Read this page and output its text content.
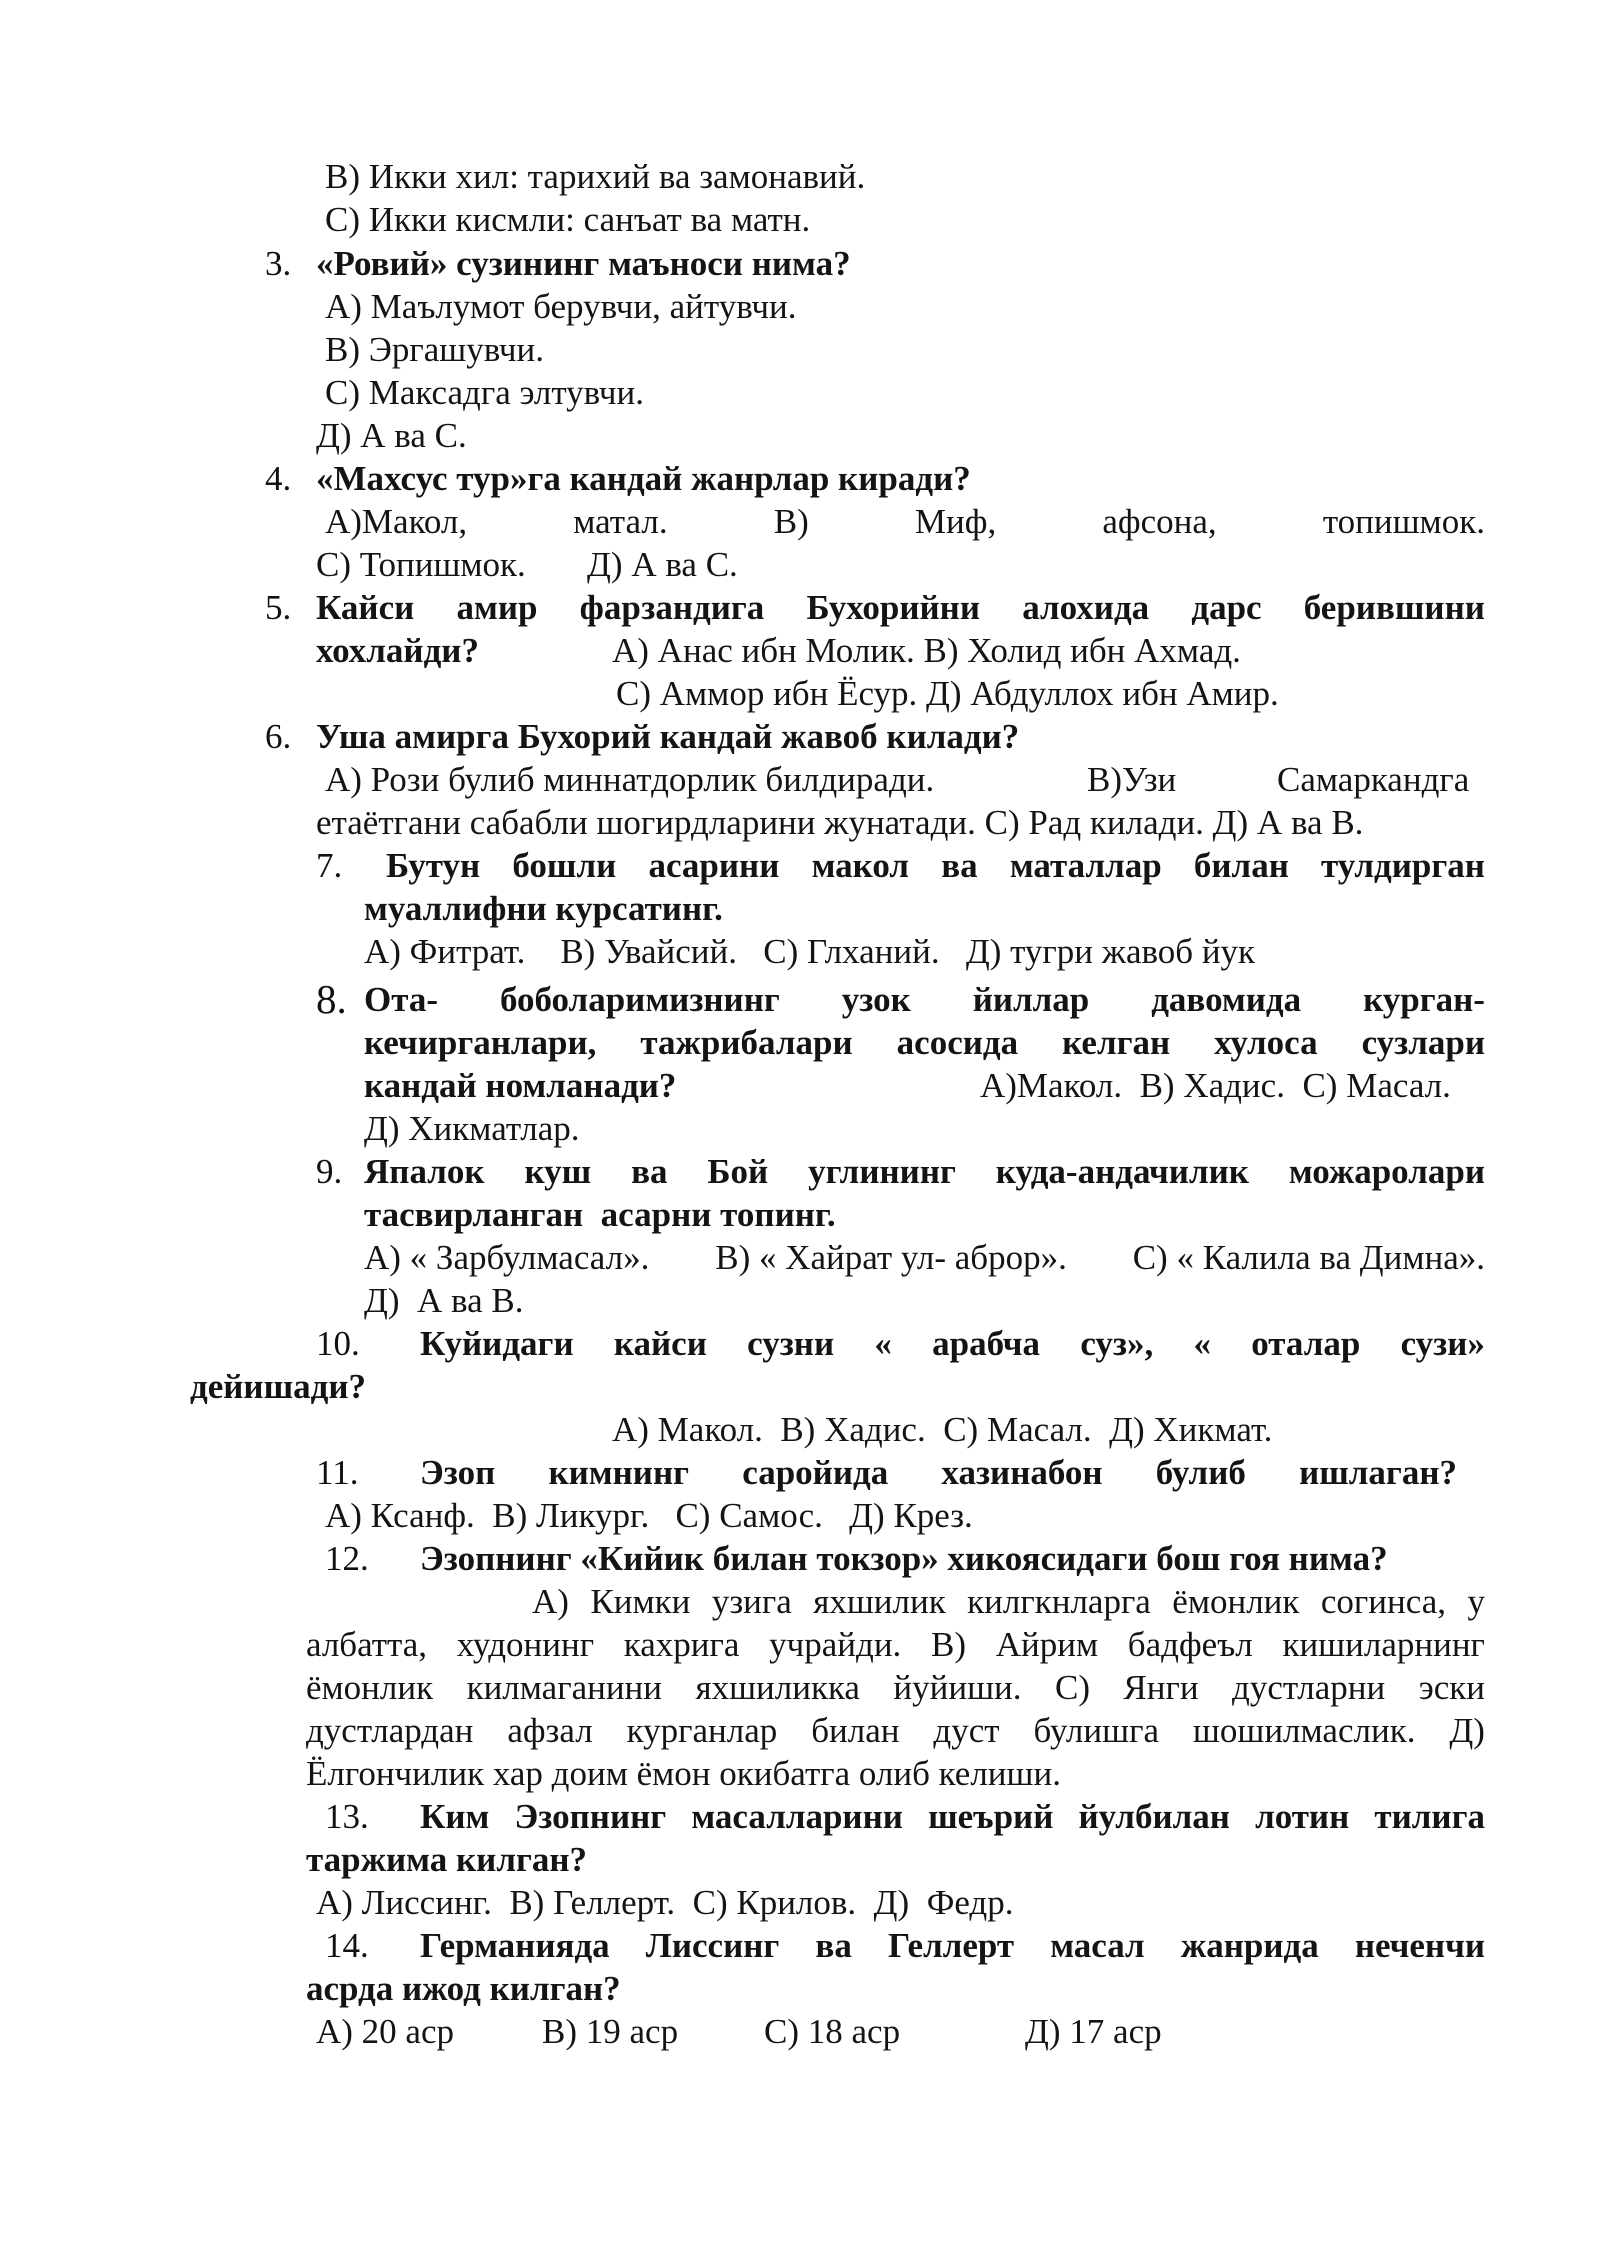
В) Икки хил: тарихий ва замонавий.
С) Икки кисмли: санъат ва матн.
3. «Ровий» сузининг маъноси нима?
А) Маълумот берувчи, айтувчи.
В) Эргашувчи.
С) Максадга элтувчи.
Д) А ва С.
4. «Махсус тур»га кандай жанрлар киради?
А)Макол,	матал.	В)	Миф,	афсона,	топишмок.
С) Топишмок.       Д) А ва С.
5. Кайси амир фарзандига Бухорийни алохида дарс берившини
хохлайди?	А) Анас ибн Молик. В) Холид ибн Ахмад.
С) Аммор ибн Ёсур. Д) Абдуллох ибн Амир.
6. Уша амирга Бухорий кандай жавоб килади?
А) Рози булиб миннатдорлик билдиради.	В)Узи	Самаркандга
етаётгани сабабли шогирдларини жунатади. С) Рад килади. Д) А ва В.
7. Бутун бошли асарини макол ва маталлар билан тулдирган
муаллифни курсатинг.
А) Фитрат.    В) Увайсий.   С) Глханий.   Д) тугри жавоб йук
8. Ота- боболаримизнинг узок йиллар давомида курган-
кечирганлари, тажрибалари асосида келган хулоса сузлари
кандай номланади?	А)Макол.  В) Хадис.  С) Масал.
Д) Хикматлар.
9. Япалок куш ва Бой углининг куда-андачилик можаролари
тасвирланган  асарни топинг.
А) « Зарбулмасал». В) « Хайрат ул- аброр». С) « Калила ва Димна».
Д)  А ва В.
10. Куйидаги кайси сузни « арабча суз», « оталар сузи»
дейишади?
А) Макол.  В) Хадис.  С) Масал.  Д) Хикмат.
11. Эзоп кимнинг саройида хазинабон булиб ишлаган?
А) Ксанф.  В) Ликург.   С) Самос.   Д) Крез.
12. Эзопнинг «Кийик билан токзор» хикоясидаги бош гоя нима?
А) Кимки узига яхшилик килгкнларга ёмонлик согинса, у
албатта, худонинг кахрига учрайди. В) Айрим бадфеъл кишиларнинг
ёмонлик килмаганини яхшиликка йуйиши. С) Янги дустларни эски
дустлардан афзал курганлар билан дуст булишга шошилмаслик. Д)
Ёлгончилик хар доим ёмон окибатга олиб келиши.
13. Ким Эзопнинг масалларини шеърий йулбилан лотин тилига
таржима килган?
А) Лиссинг.  В) Геллерт.  С) Крилов.  Д)  Федр.
14. Германияда Лиссинг ва Геллерт масал жанрида неченчи
асрда ижод килган?
А) 20 аср	В) 19 аср С) 18 аср	Д) 17 аср
